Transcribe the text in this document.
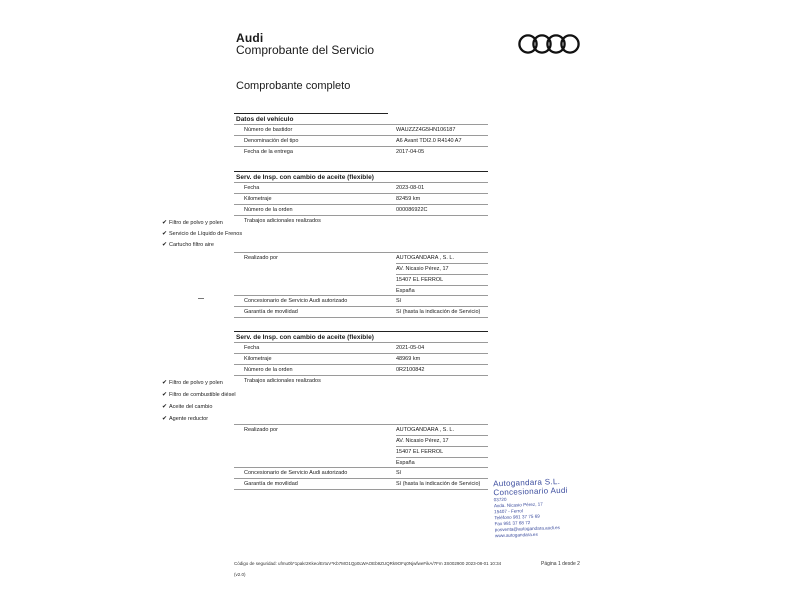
Audi
Comprobante del Servicio
Comprobante completo
Datos del vehículo
Número de bastidor	WAUZZZ4G5HN106187
Denominación del tipo	A6 Avant TDI2.0 R4140 A7
Fecha de la entrega	2017-04-05
Serv. de Insp. con cambio de aceite (flexible)
Fecha	2023-08-01
Kilometraje	82459 km
Número de la orden	000086922C
Trabajos adicionales realizados
✔ Filtro de polvo y polen
✔ Servicio de Líquido de Frenos
✔ Cartucho filtro aire
Realizado por	AUTOGANDARA , S. L.
AV. Nicasio Pérez, 17
15407 EL FERROL
España
Concesionario de Servicio Audi autorizado	Sí
Garantía de movilidad	Sí (hasta la indicación de Servicio)
Serv. de Insp. con cambio de aceite (flexible)
Fecha	2021-05-04
Kilometraje	48969 km
Número de la orden	0R2100842
Trabajos adicionales realizados
✔ Filtro de polvo y polen
✔ Filtro de combustible diésel
✔ Aceite del cambio
✔ Agente reductor
Realizado por	AUTOGANDARA , S. L.
AV. Nicasio Pérez, 17
15407 EL FERROL
España
Concesionario de Servicio Audi autorizado	Sí
Garantía de movilidad	Sí (hasta la indicación de Servicio) Autogandara S.L.
Concesionario Audi
03720
Avda. Nicasio Pérez, 17
15407 - Ferrol
Teléfono 981 37 75 69
Fax 981 37 68 72
posventa@autogandara.audi.es
www.autogandara.es
Código de seguridad: ufmu0b*1pakr2Kkeo/ErtuV*Kb7MO1Qp0LWAOEb9ZUQRk9OFq0NjwfweFikA/7Fm 3S002900 2023-08-01 10:34	Página 1 desde 2
(v2.0)
